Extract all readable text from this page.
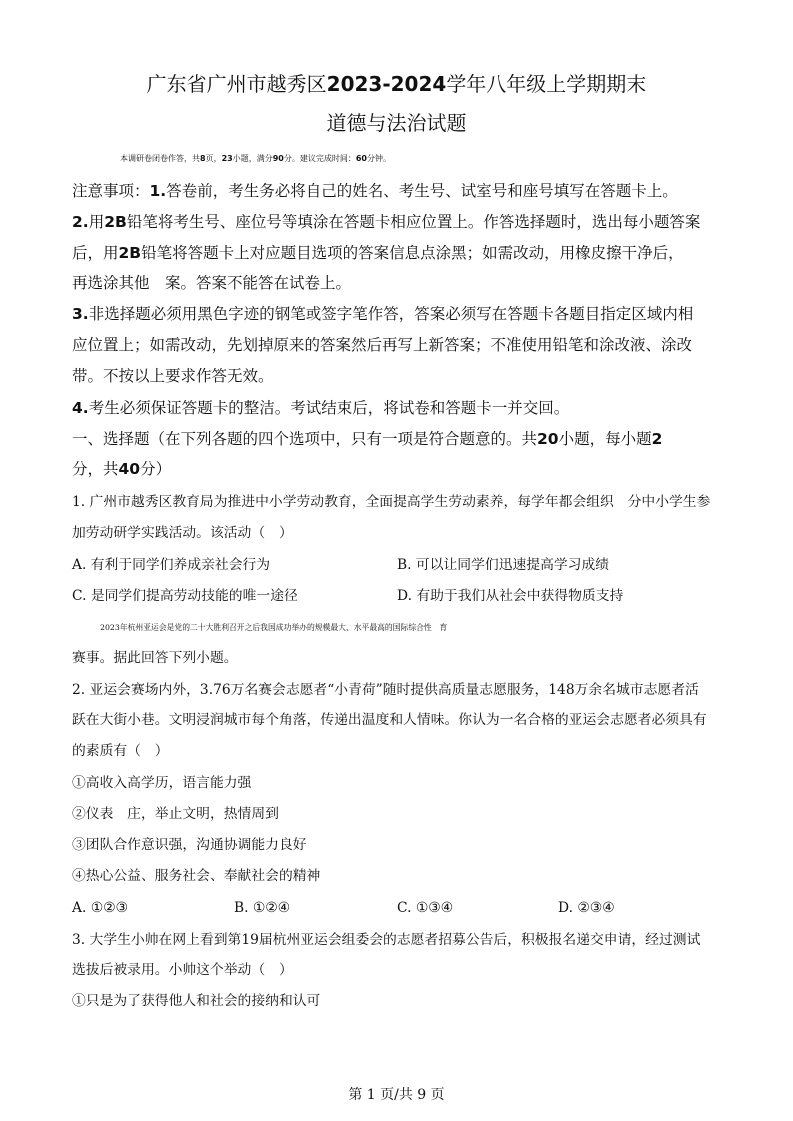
广东省广州市越秀区2023-2024学年八年级上学期期末
道德与法治试题
本调研卷闭卷作答，共8页，23小题，满分90分。建议完成时间：60分钟。
注意事项：1.答卷前，考生务必将自己的姓名、考生号、试室号和座号填写在答题卡上。
2.用2B铅笔将考生号、座位号等填涂在答题卡相应位置上。作答选择题时，选出每小题答案
后，用2B铅笔将答题卡上对应题目选项的答案信息点涂黑；如需改动，用橡皮擦干净后，
再选涂其他　案。答案不能答在试卷上。
3.非选择题必须用黑色字迹的钢笔或签字笔作答，答案必须写在答题卡各题目指定区域内相
应位置上；如需改动，先划掉原来的答案然后再写上新答案；不准使用铅笔和涂改液、涂改
带。不按以上要求作答无效。
4.考生必须保证答题卡的整洁。考试结束后，将试卷和答题卡一并交回。
一、选择题（在下列各题的四个选项中，只有一项是符合题意的。共20小题，每小题2
分，共40分）
1. 广州市越秀区教育局为推进中小学劳动教育，全面提高学生劳动素养，每学年都会组织　分中小学生参
加劳动研学实践活动。该活动（　）
A. 有利于同学们养成亲社会行为	B. 可以让同学们迅速提高学习成绩
C. 是同学们提高劳动技能的唯一途径	D. 有助于我们从社会中获得物质支持
2023年杭州亚运会是党的二十大胜利召开之后我国成功举办的规模最大、水平最高的国际综合性　育
赛事。据此回答下列小题。
2. 亚运会赛场内外，3.76万名赛会志愿者“小青荷”随时提供高质量志愿服务，148万余名城市志愿者活
跃在大街小巷。文明浸润城市每个角落，传递出温度和人情味。你认为一名合格的亚运会志愿者必须具有
的素质有（　）
①高收入高学历，语言能力强
②仪表　庄，举止文明，热情周到
③团队合作意识强，沟通协调能力良好
④热心公益、服务社会、奉献社会的精神
A. ①②③	B. ①②④	C. ①③④	D. ②③④
3. 大学生小帅在网上看到第19届杭州亚运会组委会的志愿者招募公告后，积极报名递交申请，经过测试
选拔后被录用。小帅这个举动（　）
①只是为了获得他人和社会的接纳和认可
第 1 页/共 9 页
